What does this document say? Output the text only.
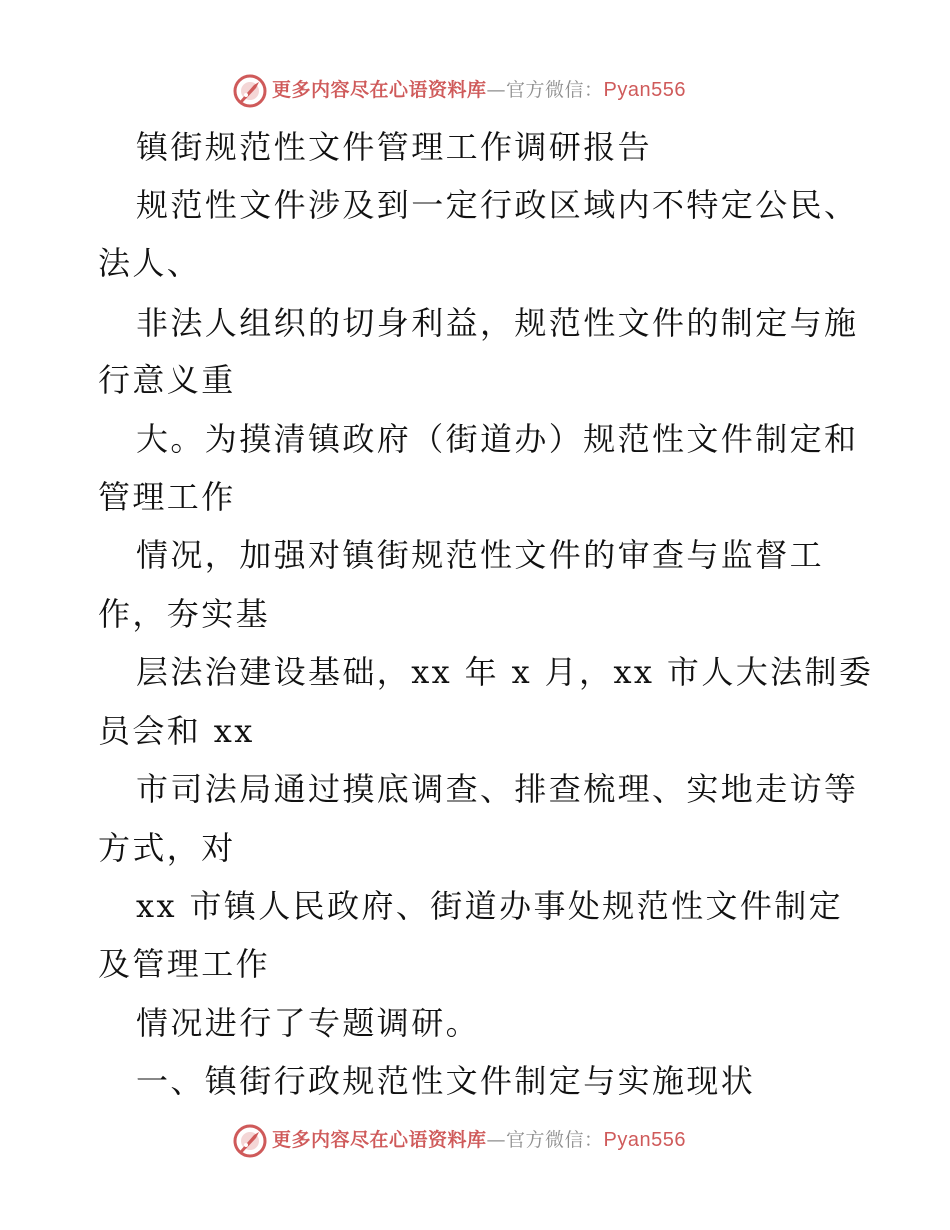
更多内容尽在心语资料库—官方微信：Pyan556
镇街规范性文件管理工作调研报告
规范性文件涉及到一定行政区域内不特定公民、
法人、
非法人组织的切身利益，规范性文件的制定与施
行意义重
大。为摸清镇政府（街道办）规范性文件制定和
管理工作
情况，加强对镇街规范性文件的审查与监督工
作，夯实基
层法治建设基础，xx 年 x 月，xx 市人大法制委
员会和 xx
市司法局通过摸底调查、排查梳理、实地走访等
方式，对
xx 市镇人民政府、街道办事处规范性文件制定
及管理工作
情况进行了专题调研。
一、镇街行政规范性文件制定与实施现状
更多内容尽在心语资料库—官方微信：Pyan556
